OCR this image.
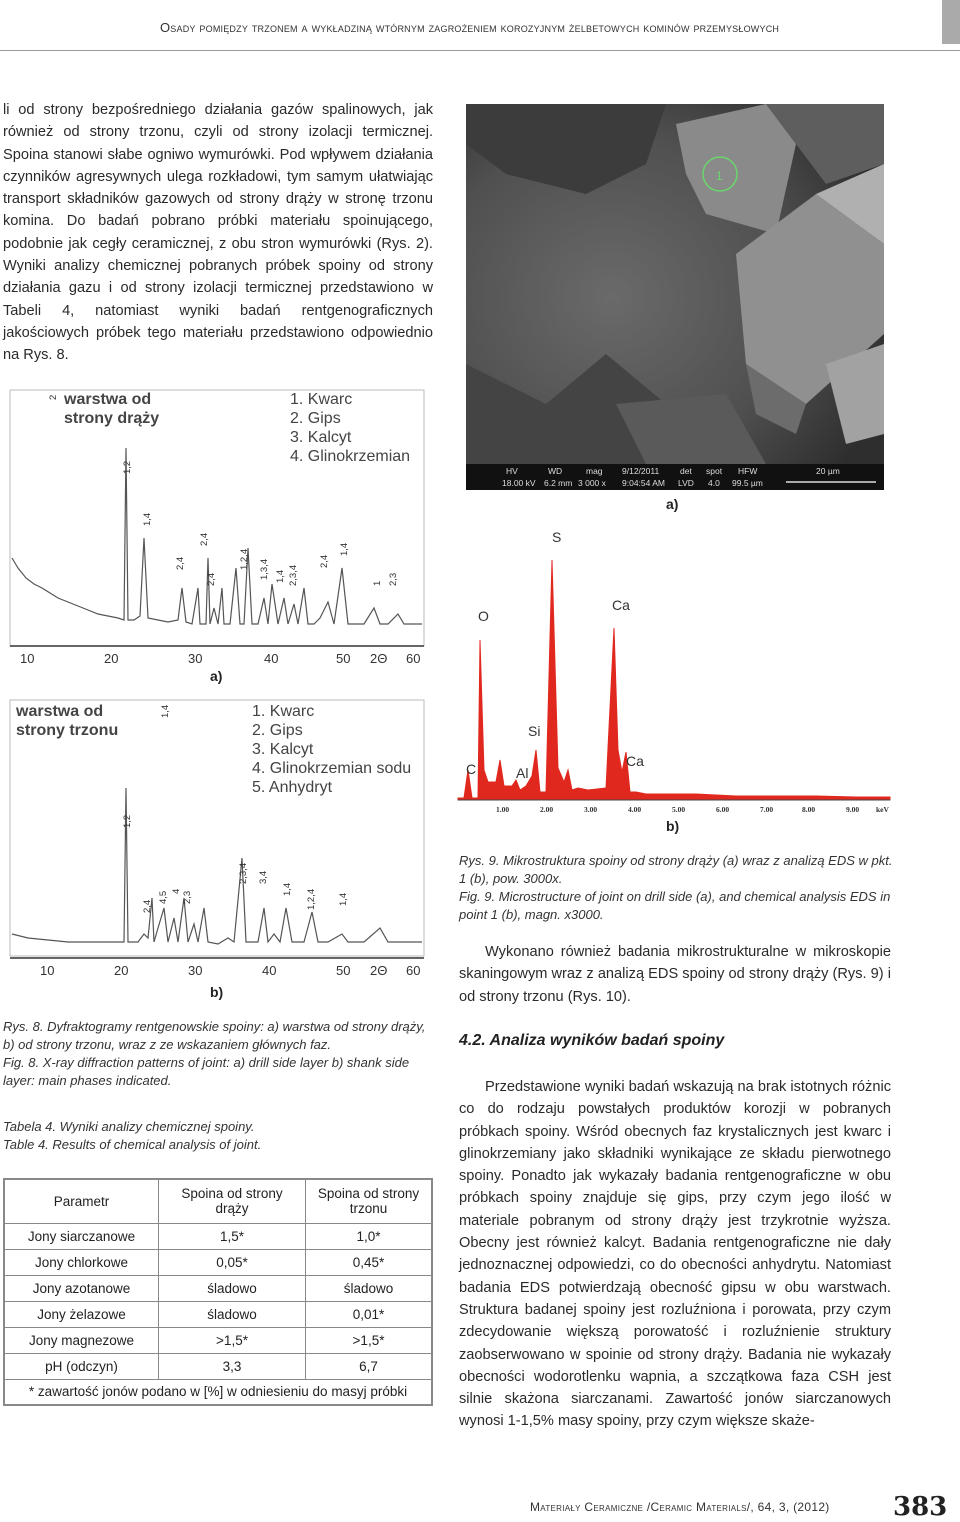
Osady pomiędzy trzonem a wykładziną wtórnym zagrożeniem korozyjnym żelbetowych kominów przemysłowych
li od strony bezpośredniego działania gazów spalinowych, jak również od strony trzonu, czyli od strony izolacji termicznej. Spoina stanowi słabe ogniwo wymurówki. Pod wpływem działania czynników agresywnych ulega rozkładowi, tym samym ułatwiając transport składników gazowych od strony drąży w stronę trzonu komina. Do badań pobrano próbki materiału spoinującego, podobnie jak cegły ceramicznej, z obu stron wymurówki (Rys. 2). Wyniki analizy chemicznej pobranych próbek spoiny od strony działania gazu i od strony izolacji termicznej przedstawiono w Tabeli 4, natomiast wyniki badań rentgenograficznych jakościowych próbek tego materiału przedstawiono odpowiednio na Rys. 8.
10	20	30	40	50 2Θ 60
2
1,2
1,4
2,4
2,4
2,4
1,2,4 1,3,4 1,4 2,3,4
2,4
1,4
1 2,3
warstwa od
strony drąży
1. Kwarc
2. Gips
3. Kalcyt
4. Glinokrzemian
a)
10	20	30	40	50 2Θ 60
1,4
1,2
2,4
4,5 4 2,3
2,3,4 3,4
1,4 1,2,4 1,4
warstwa od
strony trzonu
1. Kwarc
2. Gips
3. Kalcyt
4. Glinokrzemian sodu
5. Anhydryt
b)
Rys. 8. Dyfraktogramy rentgenowskie spoiny: a) warstwa od strony drąży, b) od strony trzonu, wraz z ze wskazaniem głównych faz.
Fig. 8. X-ray diffraction patterns of joint: a) drill side layer b) shank side layer: main phases indicated.
Tabela 4. Wyniki analizy chemicznej spoiny.
Table 4. Results of chemical analysis of joint.
Parametr	Spoina od strony drąży	Spoina od strony trzonu
Jony siarczanowe	1,5*	1,0*
Jony chlorkowe	0,05*	0,45*
Jony azotanowe	śladowo	śladowo
Jony żelazowe	śladowo	0,01*
Jony magnezowe	>1,5*	>1,5*
pH (odczyn)	3,3	6,7
* zawartość jonów podano w [%] w odniesieniu do masyj próbki		
1
HV	WD	mag 9/12/2011 det spot HFW
18.00 kV 6.2 mm 3 000 x 9:04:54 AM LVD 4.0 99.5 µm
20 µm
a)
S
O
Ca
Si
C	Al
Ca
1.00	2.00	3.00	4.00	5.00	6.00	7.00	8.00	9.00 keV
b)
Rys. 9. Mikrostruktura spoiny od strony drąży (a) wraz z analizą EDS w pkt. 1 (b), pow. 3000x.
Fig. 9. Microstructure of joint on drill side (a), and chemical analysis EDS in point 1 (b), magn. x3000.
Wykonano również badania mikrostrukturalne w mikroskopie skaningowym wraz z analizą EDS spoiny od strony drąży (Rys. 9) i od strony trzonu (Rys. 10).
4.2. Analiza wyników badań spoiny
Przedstawione wyniki badań wskazują na brak istotnych różnic co do rodzaju powstałych produktów korozji w pobranych próbkach spoiny. Wśród obecnych faz krystalicznych jest kwarc i glinokrzemiany jako składniki wynikające ze składu pierwotnego spoiny. Ponadto jak wykazały badania rentgenograficzne w obu próbkach spoiny znajduje się gips, przy czym jego ilość w materiale pobranym od strony drąży jest trzykrotnie wyższa. Obecny jest również kalcyt. Badania rentgenograficzne nie dały jednoznacznej odpowiedzi, co do obecności anhydrytu. Natomiast badania EDS potwierdzają obecność gipsu w obu warstwach. Struktura badanej spoiny jest rozluźniona i porowata, przy czym zdecydowanie większą porowatość i rozluźnienie struktury zaobserwowano w spoinie od strony drąży. Badania nie wykazały obecności wodorotlenku wapnia, a szczątkowa faza CSH jest silnie skażona siarczanami. Zawartość jonów siarczanowych wynosi 1-1,5% masy spoiny, przy czym większe skaże-
Materiały Ceramiczne /Ceramic Materials/, 64, 3, (2012) 383
